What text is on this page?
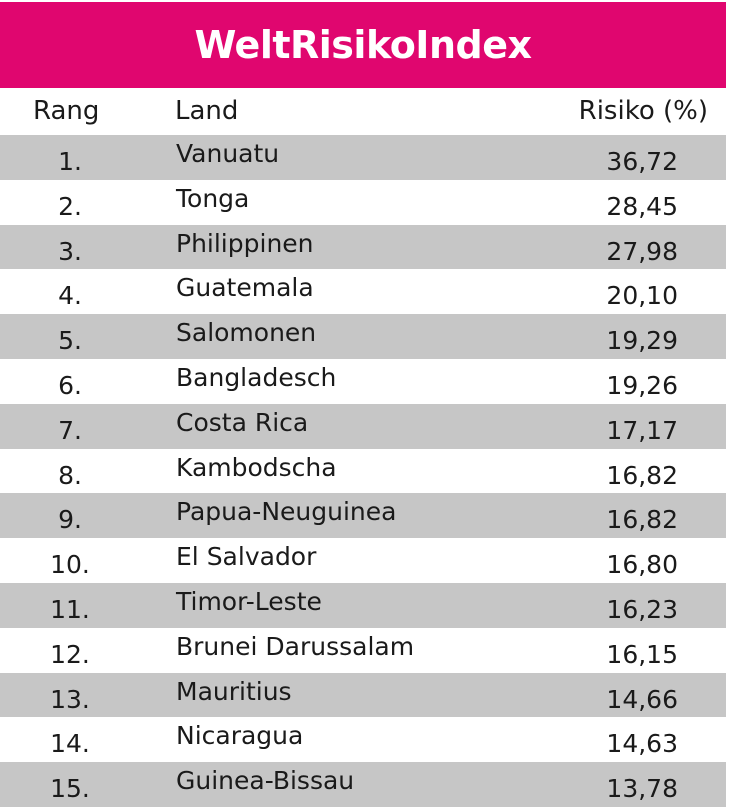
WeltRisikoIndex
Rang	Land	Risiko (%)
1.	Vanuatu	36,72
2.	Tonga	28,45
3.	Philippinen	27,98
4.	Guatemala	20,10
5.	Salomonen	19,29
6.	Bangladesch	19,26
7.	Costa Rica	17,17
8.	Kambodscha	16,82
9.	Papua-Neuguinea	16,82
10.	El Salvador	16,80
11.	Timor-Leste	16,23
12.	Brunei Darussalam	16,15
13.	Mauritius	14,66
14.	Nicaragua	14,63
15.	Guinea-Bissau	13,78
